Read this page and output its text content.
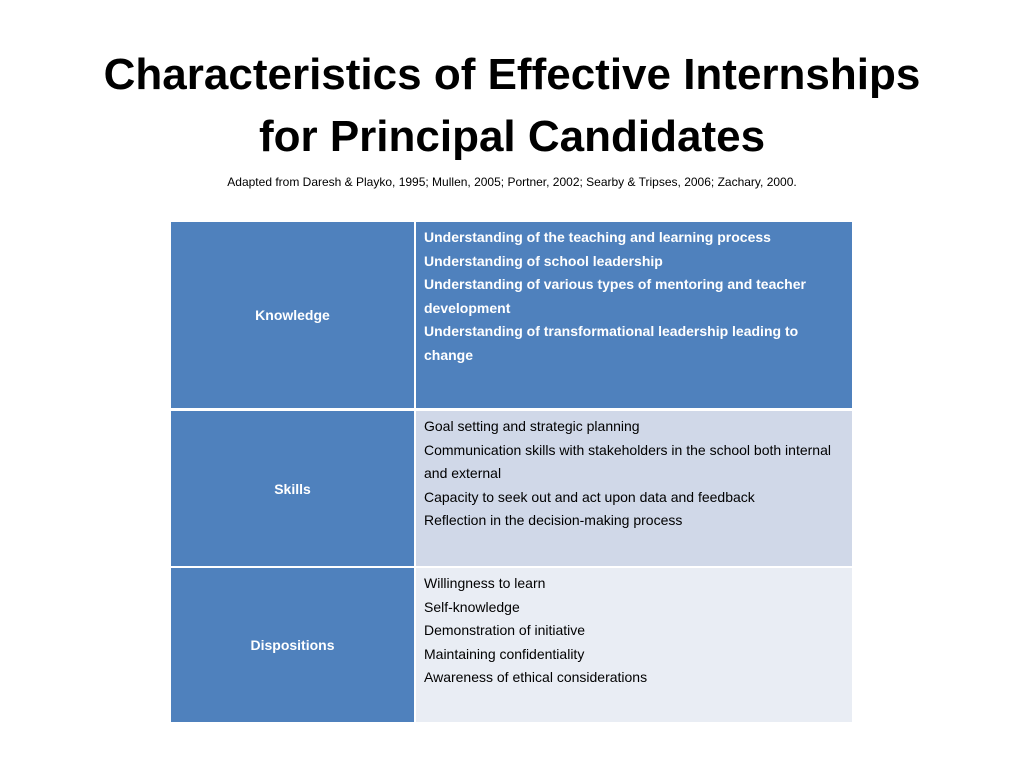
Characteristics of Effective Internships
for Principal Candidates
Adapted from Daresh & Playko, 1995; Mullen, 2005; Portner, 2002; Searby & Tripses, 2006; Zachary, 2000.
Knowledge
Understanding of the teaching and learning process
Understanding of school leadership
Understanding of various types of mentoring and teacher development
Understanding of transformational leadership leading to change
Skills
Goal setting and strategic planning
Communication skills with stakeholders in the school both internal and external
Capacity to seek out and act upon data and feedback
Reflection in the decision-making process
Dispositions
Willingness to learn
Self-knowledge
Demonstration of initiative
Maintaining confidentiality
Awareness of ethical considerations
